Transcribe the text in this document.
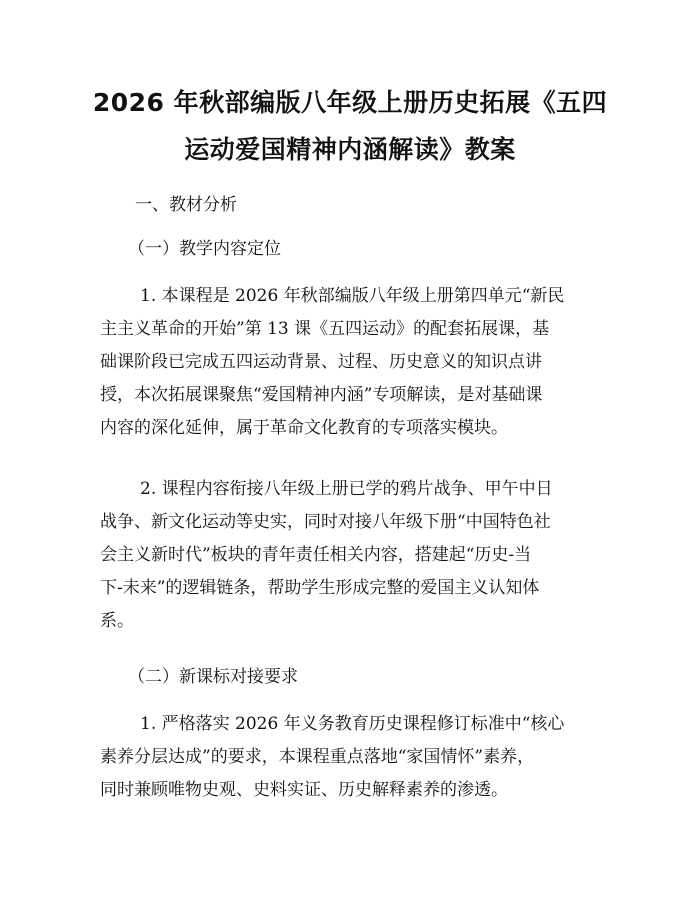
2026 年秋部编版八年级上册历史拓展《五四
运动爱国精神内涵解读》教案
一、教材分析
（一）教学内容定位
1. 本课程是 2026 年秋部编版八年级上册第四单元“新民
主主义革命的开始”第 13 课《五四运动》的配套拓展课，基
础课阶段已完成五四运动背景、过程、历史意义的知识点讲
授，本次拓展课聚焦“爱国精神内涵”专项解读，是对基础课
内容的深化延伸，属于革命文化教育的专项落实模块。
2. 课程内容衔接八年级上册已学的鸦片战争、甲午中日
战争、新文化运动等史实，同时对接八年级下册“中国特色社
会主义新时代”板块的青年责任相关内容，搭建起“历史-当
下-未来”的逻辑链条，帮助学生形成完整的爱国主义认知体
系。
（二）新课标对接要求
1. 严格落实 2026 年义务教育历史课程修订标准中“核心
素养分层达成”的要求，本课程重点落地“家国情怀”素养，
同时兼顾唯物史观、史料实证、历史解释素养的渗透。
